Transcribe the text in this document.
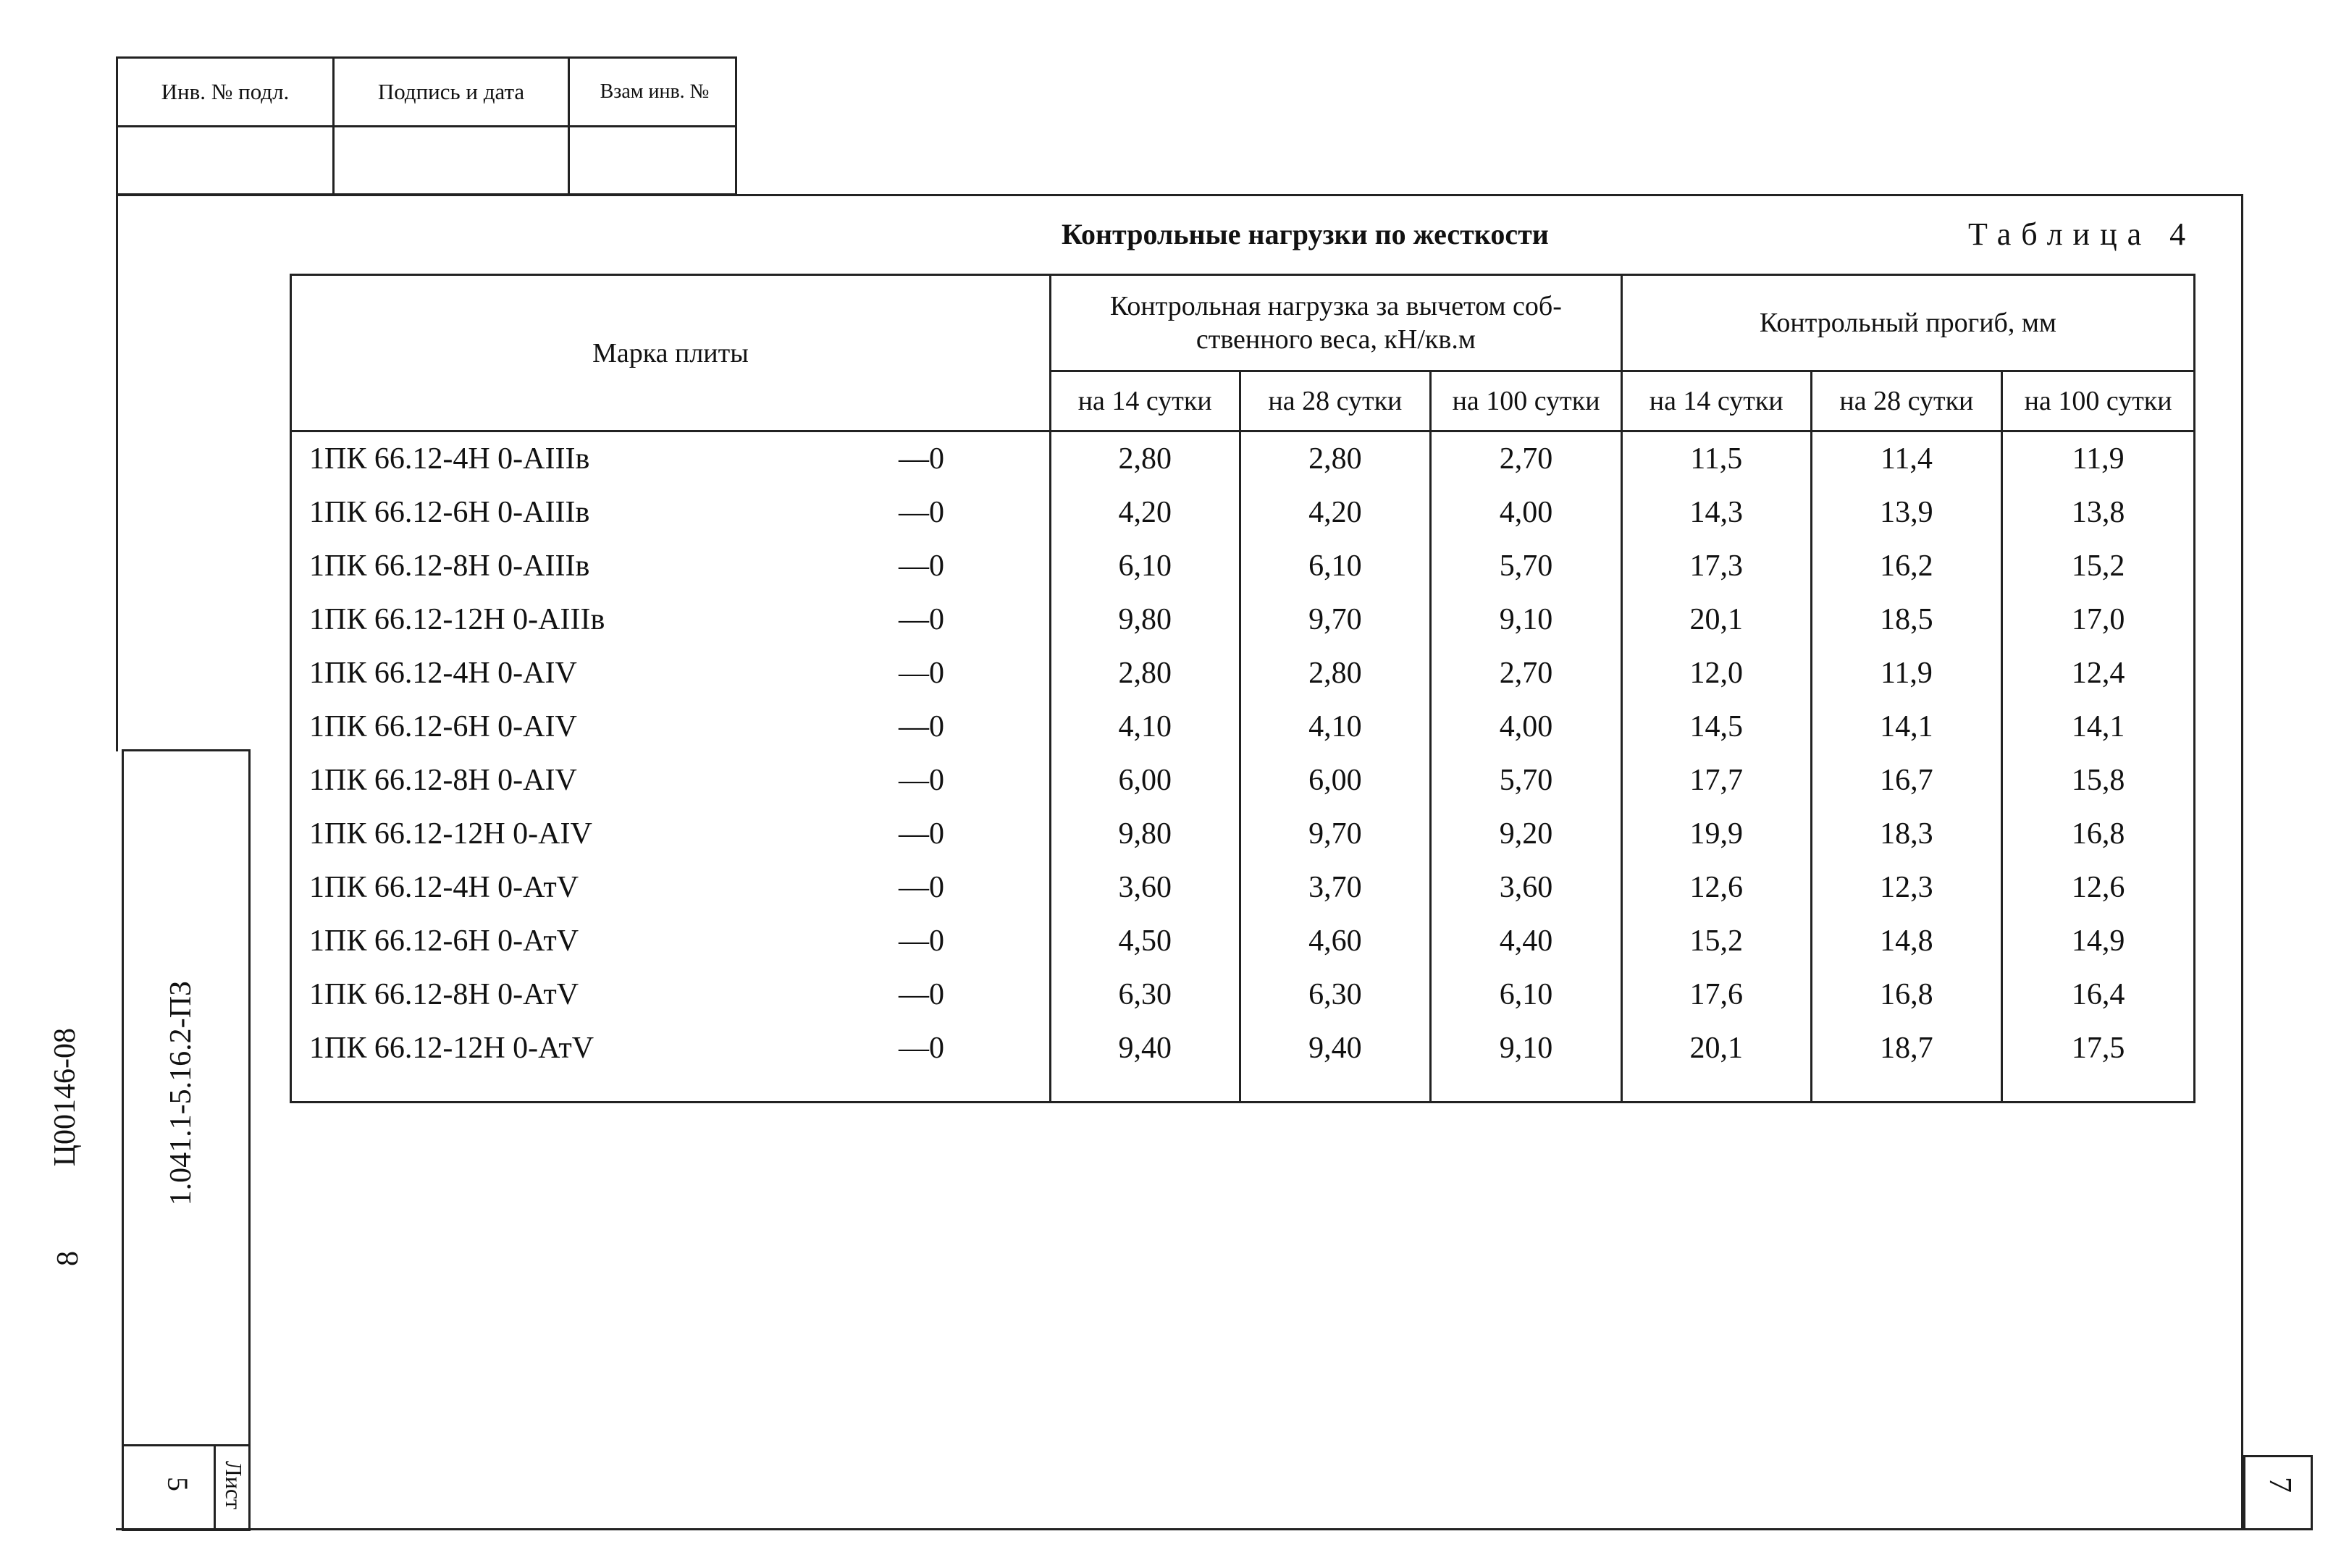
Инв. № подл.	Подпись и дата	Взам инв. №
1.041.1-5.16.2-ПЗ
Ц00146-08
8
Лист
5	7
Контрольные нагрузки по жесткости	Таблица 4
Марка плиты	Контрольная нагрузка за вычетом соб-
ственного веса, кН/кв.м			Контрольный прогиб, мм		
	на 14 сутки	на 28 сутки	на 100 сутки	на 14 сутки	на 28 сутки	на 100 сутки
1ПК 66.12-4Н 0-АIIIв —0	2,80	2,80	2,70	11,5	11,4	11,9
1ПК 66.12-6Н 0-АIIIв —0	4,20	4,20	4,00	14,3	13,9	13,8
1ПК 66.12-8Н 0-АIIIв —0	6,10	6,10	5,70	17,3	16,2	15,2
1ПК 66.12-12Н 0-АIIIв —0	9,80	9,70	9,10	20,1	18,5	17,0
1ПК 66.12-4Н 0-АIV —0	2,80	2,80	2,70	12,0	11,9	12,4
1ПК 66.12-6Н 0-АIV —0	4,10	4,10	4,00	14,5	14,1	14,1
1ПК 66.12-8Н 0-АIV —0	6,00	6,00	5,70	17,7	16,7	15,8
1ПК 66.12-12Н 0-АIV —0	9,80	9,70	9,20	19,9	18,3	16,8
1ПК 66.12-4Н 0-АтV —0	3,60	3,70	3,60	12,6	12,3	12,6
1ПК 66.12-6Н 0-АтV —0	4,50	4,60	4,40	15,2	14,8	14,9
1ПК 66.12-8Н 0-АтV —0	6,30	6,30	6,10	17,6	16,8	16,4
1ПК 66.12-12Н 0-АтV —0	9,40	9,40	9,10	20,1	18,7	17,5
